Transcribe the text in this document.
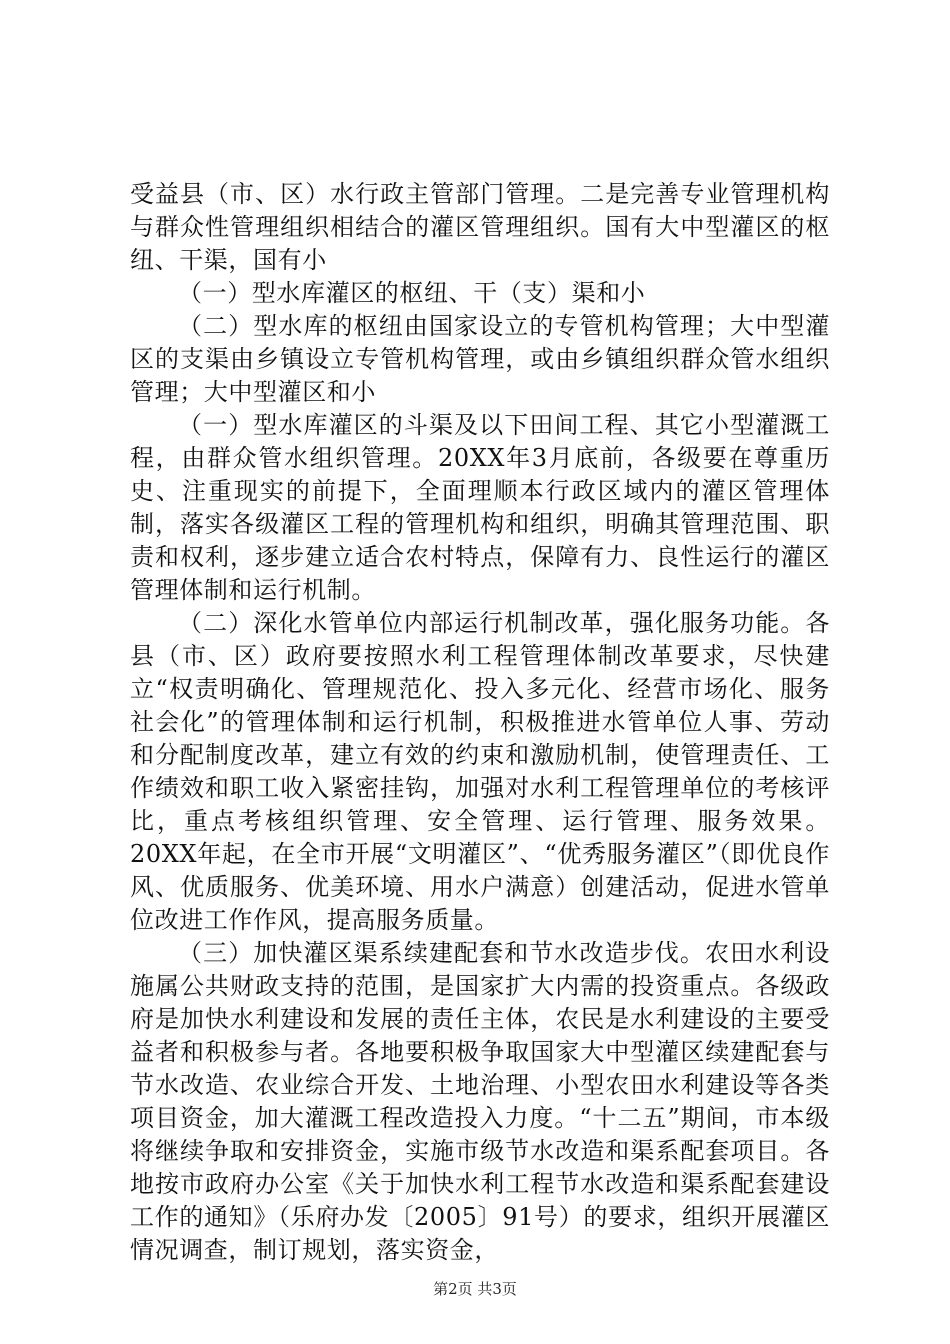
受益县（市、区）水行政主管部门管理。二是完善专业管理机构与群众性管理组织相结合的灌区管理组织。国有大中型灌区的枢纽、干渠，国有小

（一）型水库灌区的枢纽、干（支）渠和小

（二）型水库的枢纽由国家设立的专管机构管理；大中型灌区的支渠由乡镇设立专管机构管理，或由乡镇组织群众管水组织管理；大中型灌区和小

（一）型水库灌区的斗渠及以下田间工程、其它小型灌溉工程，由群众管水组织管理。20XX年3月底前，各级要在尊重历史、注重现实的前提下，全面理顺本行政区域内的灌区管理体制，落实各级灌区工程的管理机构和组织，明确其管理范围、职责和权利，逐步建立适合农村特点，保障有力、良性运行的灌区管理体制和运行机制。

（二）深化水管单位内部运行机制改革，强化服务功能。各县（市、区）政府要按照水利工程管理体制改革要求，尽快建立“权责明确化、管理规范化、投入多元化、经营市场化、服务社会化”的管理体制和运行机制，积极推进水管单位人事、劳动和分配制度改革，建立有效的约束和激励机制，使管理责任、工作绩效和职工收入紧密挂钩，加强对水利工程管理单位的考核评比，重点考核组织管理、安全管理、运行管理、服务效果。20XX年起，在全市开展“文明灌区”、“优秀服务灌区”（即优良作风、优质服务、优美环境、用水户满意）创建活动，促进水管单位改进工作作风，提高服务质量。

（三）加快灌区渠系续建配套和节水改造步伐。农田水利设施属公共财政支持的范围，是国家扩大内需的投资重点。各级政府是加快水利建设和发展的责任主体，农民是水利建设的主要受益者和积极参与者。各地要积极争取国家大中型灌区续建配套与节水改造、农业综合开发、土地治理、小型农田水利建设等各类项目资金，加大灌溉工程改造投入力度。“十二五”期间，市本级将继续争取和安排资金，实施市级节水改造和渠系配套项目。各地按市政府办公室《关于加快水利工程节水改造和渠系配套建设工作的通知》（乐府办发〔2005〕91号）的要求，组织开展灌区情况调查，制订规划，落实资金，

第2页 共3页
